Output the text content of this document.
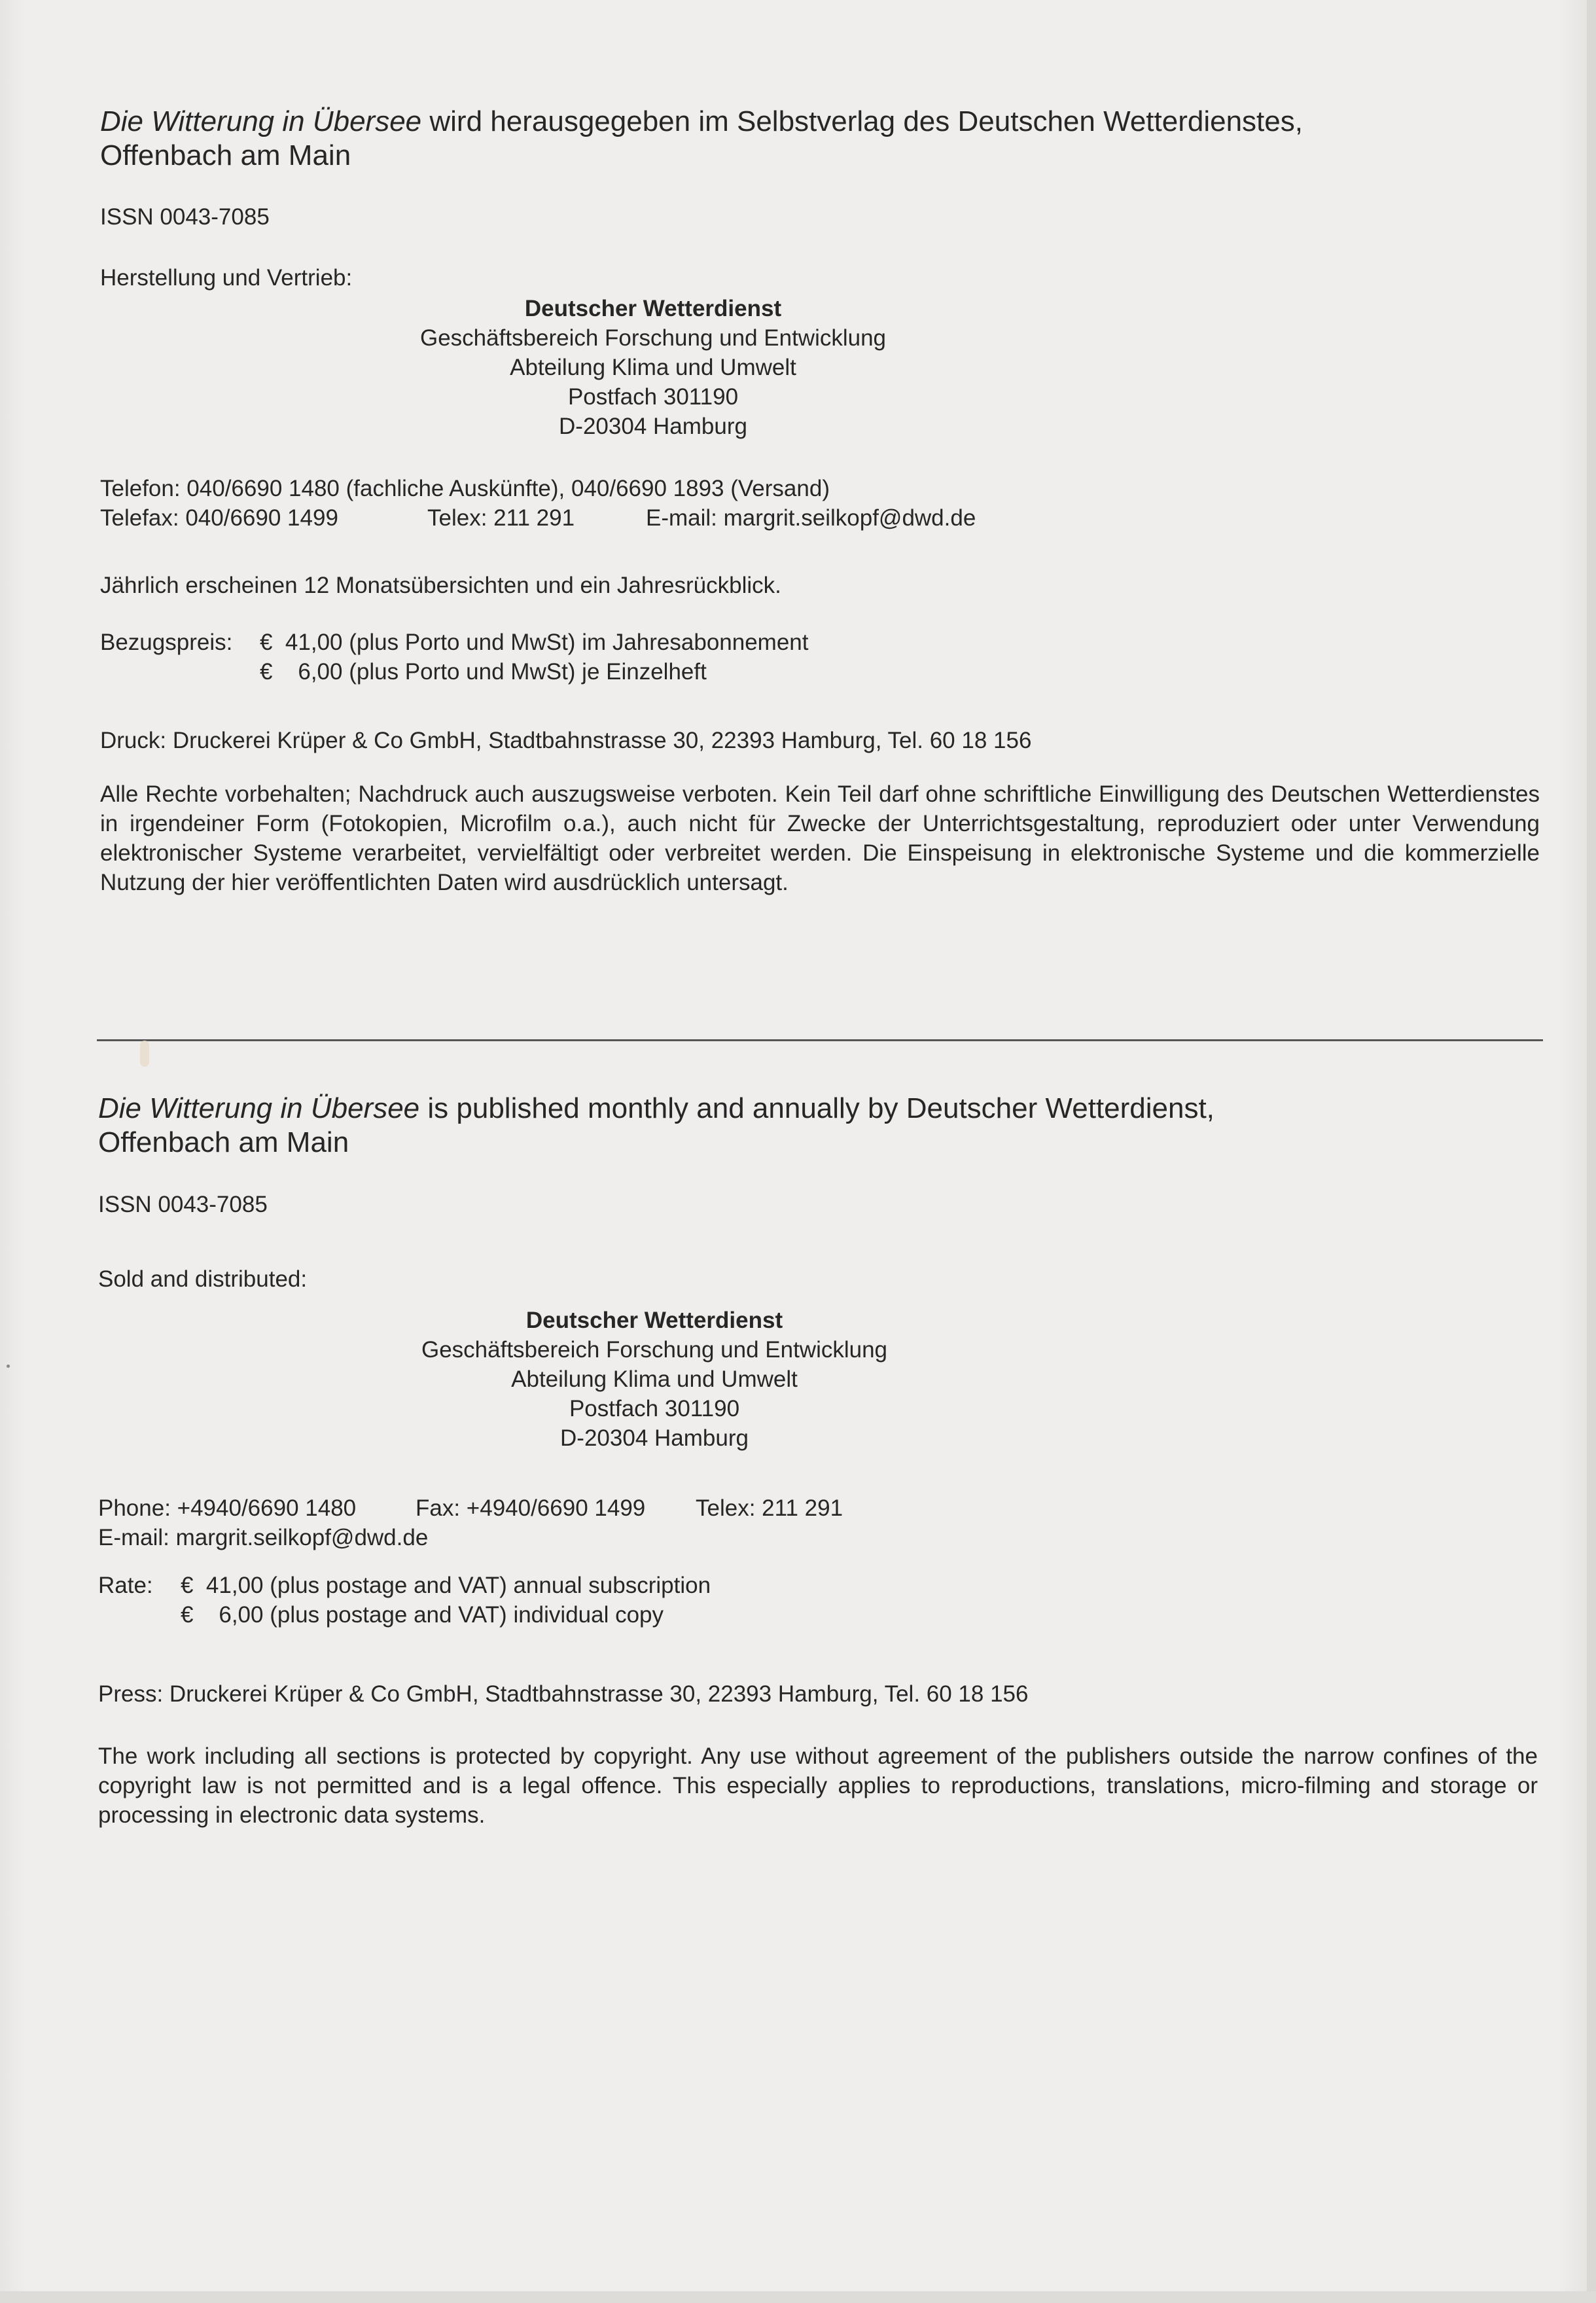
Die Witterung in Übersee wird herausgegeben im Selbstverlag des Deutschen Wetterdienstes,
Offenbach am Main

ISSN 0043-7085

Herstellung und Vertrieb:

Deutscher Wetterdienst

Geschäftsbereich Forschung und Entwicklung

Abteilung Klima und Umwelt

Postfach 301190

D-20304 Hamburg

Telefon: 040/6690 1480 (fachliche Auskünfte), 040/6690 1893 (Versand)

Telefax: 040/6690 1499	Telex: 211 291	E-mail: margrit.seilkopf@dwd.de

Jährlich erscheinen 12 Monatsübersichten und ein Jahresrückblick.

Bezugspreis:	€  41,00 (plus Porto und MwSt) im Jahresabonnement
€    6,00 (plus Porto und MwSt) je Einzelheft

Druck: Druckerei Krüper & Co GmbH, Stadtbahnstrasse 30, 22393 Hamburg, Tel. 60 18 156

Alle Rechte vorbehalten; Nachdruck auch auszugsweise verboten. Kein Teil darf ohne schriftliche Einwilligung des Deutschen Wetterdienstes in irgendeiner Form (Fotokopien, Microfilm o.a.), auch nicht für Zwecke der Unterrichtsgestaltung, reproduziert oder unter Verwendung elektronischer Systeme verarbeitet, vervielfältigt oder verbreitet werden. Die Einspeisung in elektronische Systeme und die kommerzielle Nutzung der hier veröffentlichten Daten wird ausdrücklich untersagt.

Die Witterung in Übersee is published monthly and annually by Deutscher Wetterdienst,
Offenbach am Main

ISSN 0043-7085

Sold and distributed:

Deutscher Wetterdienst

Geschäftsbereich Forschung und Entwicklung

Abteilung Klima und Umwelt

Postfach 301190

D-20304 Hamburg

Phone: +4940/6690 1480	Fax: +4940/6690 1499	Telex: 211 291

E-mail: margrit.seilkopf@dwd.de

Rate:	€  41,00 (plus postage and VAT) annual subscription
€    6,00 (plus postage and VAT) individual copy

Press: Druckerei Krüper & Co GmbH, Stadtbahnstrasse 30, 22393 Hamburg, Tel. 60 18 156

The work including all sections is protected by copyright. Any use without agreement of the publishers outside the narrow confines of the copyright law is not permitted and is a legal offence. This especially applies to reproductions, translations, micro-filming and storage or processing in electronic data systems.
